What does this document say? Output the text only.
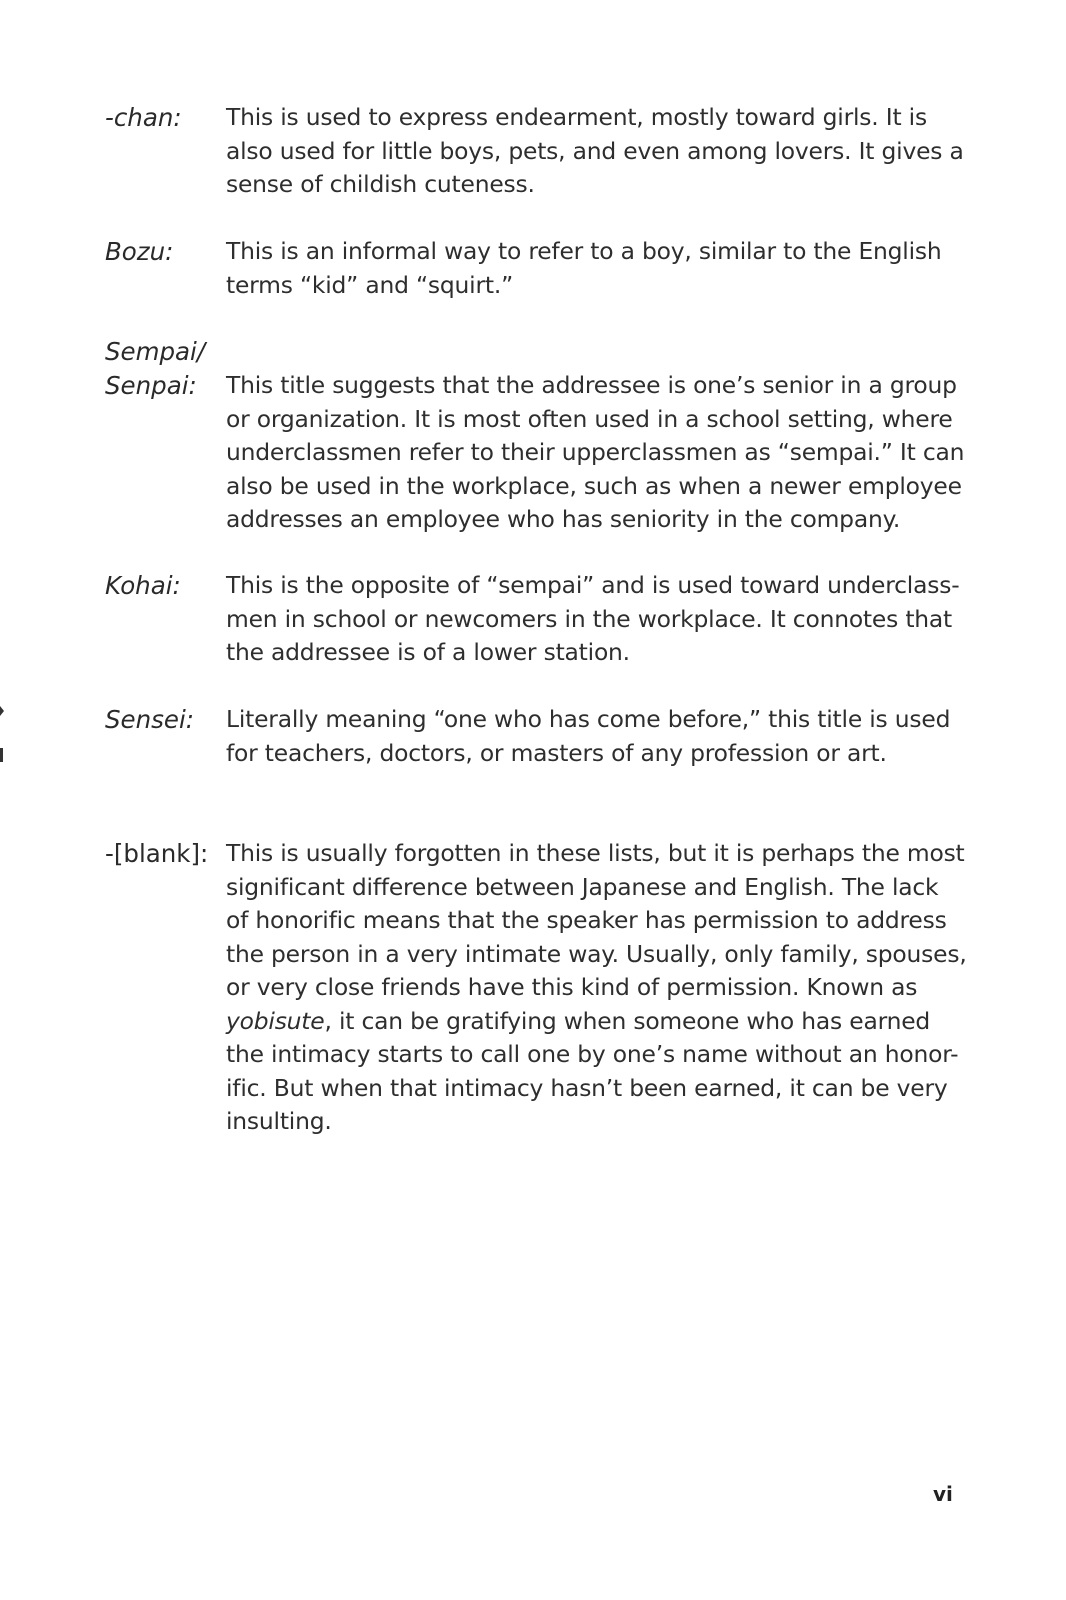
-chan:	This is used to express endearment, mostly toward girls. It is
also used for little boys, pets, and even among lovers. It gives a
sense of childish cuteness.
Bozu:	This is an informal way to refer to a boy, similar to the English
terms “kid” and “squirt.”
Sempai/
Senpai:	This title suggests that the addressee is one’s senior in a group
or organization. It is most often used in a school setting, where
underclassmen refer to their upperclassmen as “sempai.” It can
also be used in the workplace, such as when a newer employee
addresses an employee who has seniority in the company.
Kohai:	This is the opposite of “sempai” and is used toward underclass-
men in school or newcomers in the workplace. It connotes that
the addressee is of a lower station.
Sensei:	Literally meaning “one who has come before,” this title is used
for teachers, doctors, or masters of any profession or art.
-[blank]: This is usually forgotten in these lists, but it is perhaps the most
significant difference between Japanese and English. The lack
of honorific means that the speaker has permission to address
the person in a very intimate way. Usually, only family, spouses,
or very close friends have this kind of permission. Known as
yobisute, it can be gratifying when someone who has earned
the intimacy starts to call one by one’s name without an honor-
ific. But when that intimacy hasn’t been earned, it can be very
insulting.
vi
